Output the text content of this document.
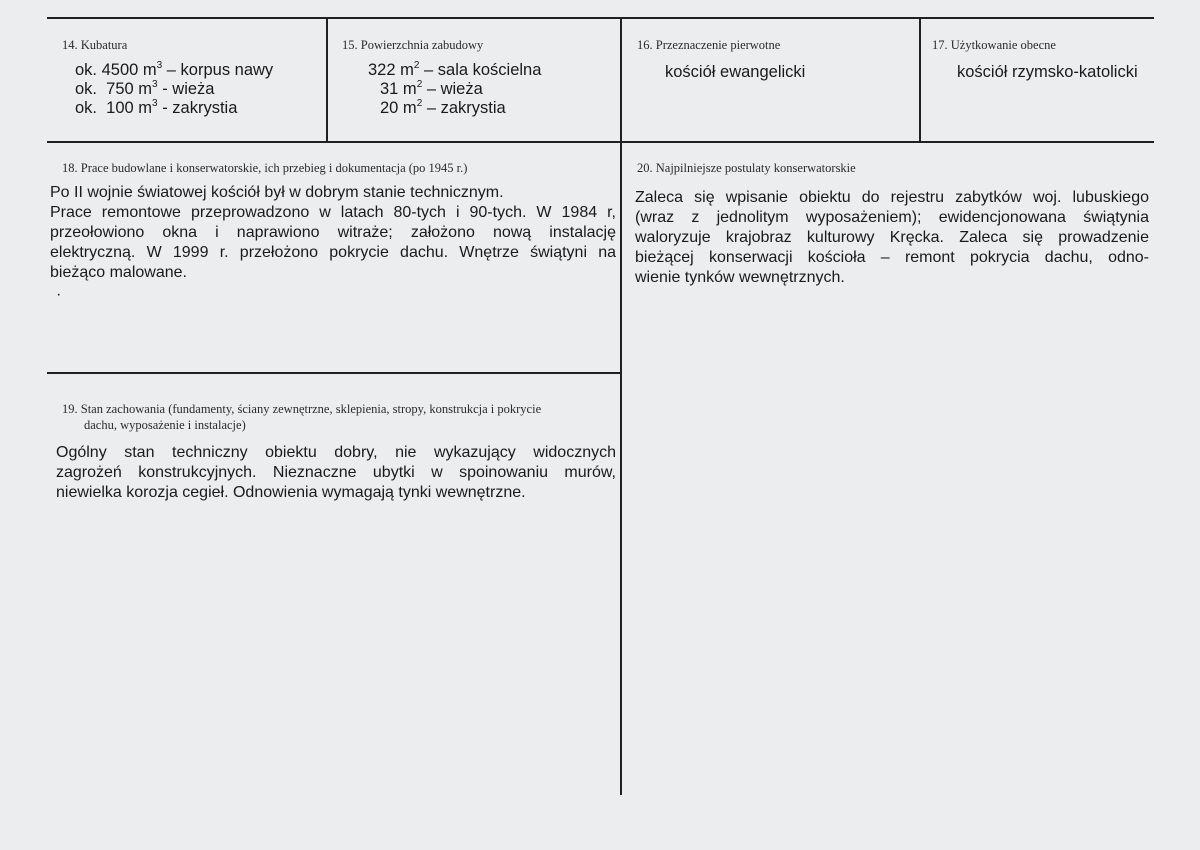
14. Kubatura
ok. 4500 $m^3$ – korpus nawy
ok.  750 $m^3$ - wieża
ok.  100 $m^3$ - zakrystia
15. Powierzchnia zabudowy
322 $m^2$ – sala kościelna
31 $m^2$ – wieża
20 $m^2$ – zakrystia
16. Przeznaczenie pierwotne
kościół ewangelicki
17. Użytkowanie obecne
kościół rzymsko-katolicki
18. Prace budowlane i konserwatorskie, ich przebieg i dokumentacja (po 1945 r.)
Po II wojnie światowej kościół był w dobrym stanie technicznym.
Prace remontowe przeprowadzono w latach 80-tych i 90-tych. W 1984 r,
przeołowiono okna i naprawiono witraże; założono nową instalację
elektryczną. W 1999 r. przełożono pokrycie dachu. Wnętrze świątyni na
bieżąco malowane.
·
19. Stan zachowania (fundamenty, ściany zewnętrzne, sklepienia, stropy, konstrukcja i pokrycie
dachu, wyposażenie i instalacje)
Ogólny stan techniczny obiektu dobry, nie wykazujący widocznych
zagrożeń konstrukcyjnych. Nieznaczne ubytki w spoinowaniu murów,
niewielka korozja cegieł. Odnowienia wymagają tynki wewnętrzne.
20. Najpilniejsze postulaty konserwatorskie
Zaleca się wpisanie obiektu do rejestru zabytków woj. lubuskiego
(wraz z jednolitym wyposażeniem); ewidencjonowana świątynia
waloryzuje krajobraz kulturowy Kręcka. Zaleca się prowadzenie
bieżącej konserwacji kościoła – remont pokrycia dachu, odno-
wienie tynków wewnętrznych.
